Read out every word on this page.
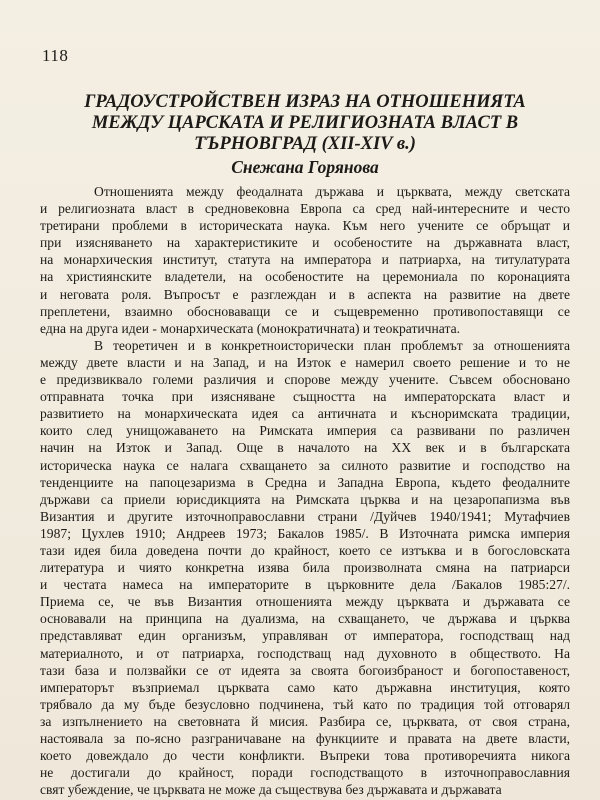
118
ГРАДОУСТРОЙСТВЕН ИЗРАЗ НА ОТНОШЕНИЯТА
МЕЖДУ ЦАРСКАТА И РЕЛИГИОЗНАТА ВЛАСТ В
ТЪРНОВГРАД (XII-XIV в.)
Снежана Горянова
Отношенията между феодалната държава и църквата, между светската
и религиозната власт в средновековна Европа са сред най-интересните и често
третирани проблеми в историческата наука. Към него учените се обръщат и
при изясняването на характеристиките и особеностите на държавната власт,
на монархическия институт, статута на императора и патриарха, на титулатурата
на християнските владетели, на особеностите на церемониала по коронацията
и неговата роля. Въпросът е разглеждан и в аспекта на развитие на двете
преплетени, взаимно обосноваващи се и същевременно противопоставящи се
една на друга идеи - монархическата (монократичната) и теократичната.
В теоретичен и в конкретноисторически план проблемът за отношенията
между двете власти и на Запад, и на Изток е намерил своето решение и то не
е предизвиквало големи различия и спорове между учените. Съвсем обосновано
отправната точка при изясняване същността на императорската власт и
развитието на монархическата идея са античната и късноримската традиции,
които след унищожаването на Римската империя са развивани по различен
начин на Изток и Запад. Още в началото на XX век и в българската
историческа наука се налага схващането за силното развитие и господство на
тенденциите на папоцезаризма в Средна и Западна Европа, където феодалните
държави са приели юрисдикцията на Римската църква и на цезаропапизма във
Византия и другите източноправославни страни /Дуйчев 1940/1941; Мутафчиев
1987; Цухлев 1910; Андреев 1973; Бакалов 1985/. В Източната римска империя
тази идея била доведена почти до крайност, което се изтъква и в богословската
литература и чиято конкретна изява била произволната смяна на патриарси
и честата намеса на императорите в църковните дела /Бакалов 1985:27/.
Приема се, че във Византия отношенията между църквата и държавата се
основавали на принципа на дуализма, на схващането, че държава и църква
представляват един организъм, управляван от императора, господстващ над
материалното, и от патриарха, господстващ над духовното в обществото. На
тази база и ползвайки се от идеята за своята богоизбраност и богопоставеност,
императорът възприемал църквата само като държавна институция, която
трябвало да му бъде безусловно подчинена, тъй като по традиция той отговарял
за изпълнението на световната й мисия. Разбира се, църквата, от своя страна,
настоявала за по-ясно разграничаване на функциите и правата на двете власти,
което довеждало до чести конфликти. Въпреки това противоречията никога
не достигали до крайност, поради господстващото в източноправославния
свят убеждение, че църквата не може да съществува без държавата и държавата
